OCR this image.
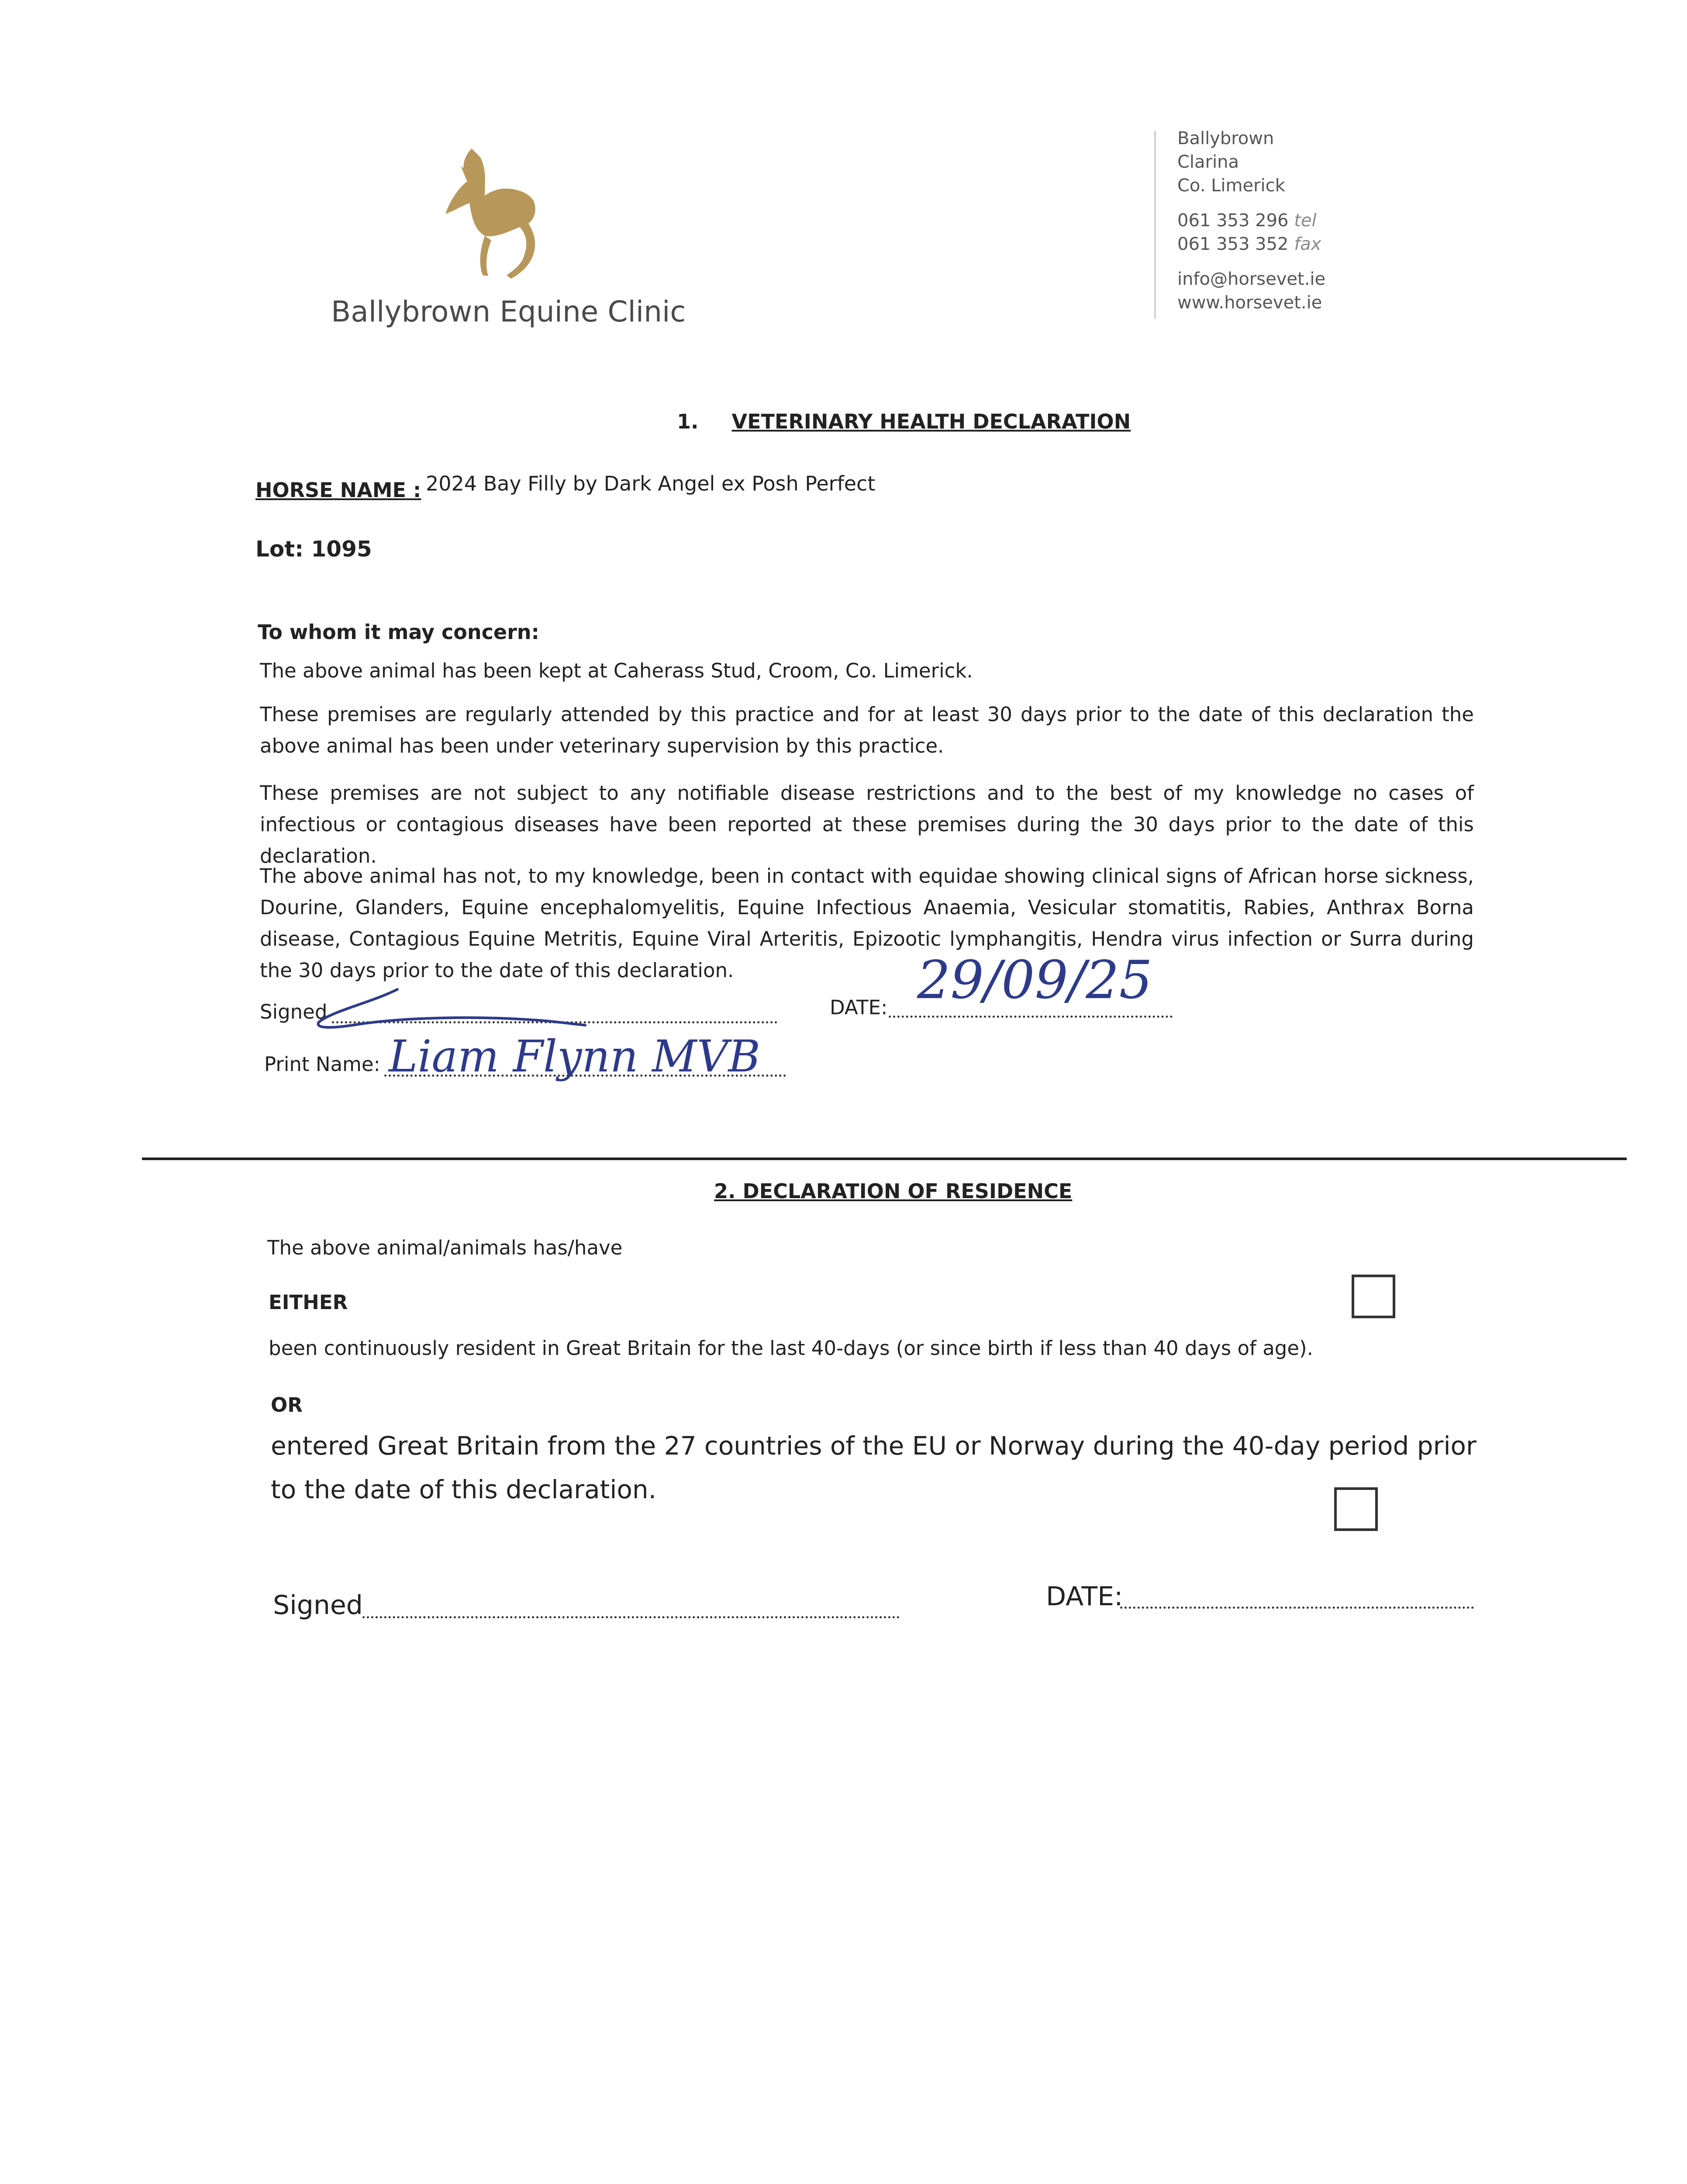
Ballybrown Equine Clinic
Ballybrown
Clarina
Co. Limerick
061 353 296 tel
061 353 352 fax
info@horsevet.ie
www.horsevet.ie
1. VETERINARY HEALTH DECLARATION
HORSE NAME : 2024 Bay Filly by Dark Angel ex Posh Perfect
Lot: 1095
To whom it may concern:
The above animal has been kept at Caherass Stud, Croom, Co. Limerick.
These premises are regularly attended by this practice and for at least 30 days prior to the date of this declaration the above animal has been under veterinary supervision by this practice.
These premises are not subject to any notifiable disease restrictions and to the best of my knowledge no cases of infectious or contagious diseases have been reported at these premises during the 30 days prior to the date of this declaration.
The above animal has not, to my knowledge, been in contact with equidae showing clinical signs of African horse sickness, Dourine, Glanders, Equine encephalomyelitis, Equine Infectious Anaemia, Vesicular stomatitis, Rabies, Anthrax Borna disease, Contagious Equine Metritis, Equine Viral Arteritis, Epizootic lymphangitis, Hendra virus infection or Surra during the 30 days prior to the date of this declaration.
Signed	DATE: 29/09/25
Print Name: Liam Flynn MVB
2. DECLARATION OF RESIDENCE
The above animal/animals has/have
EITHER
been continuously resident in Great Britain for the last 40-days (or since birth if less than 40 days of age).
OR
entered Great Britain from the 27 countries of the EU or Norway during the 40-day period prior to the date of this declaration.
Signed	DATE:
